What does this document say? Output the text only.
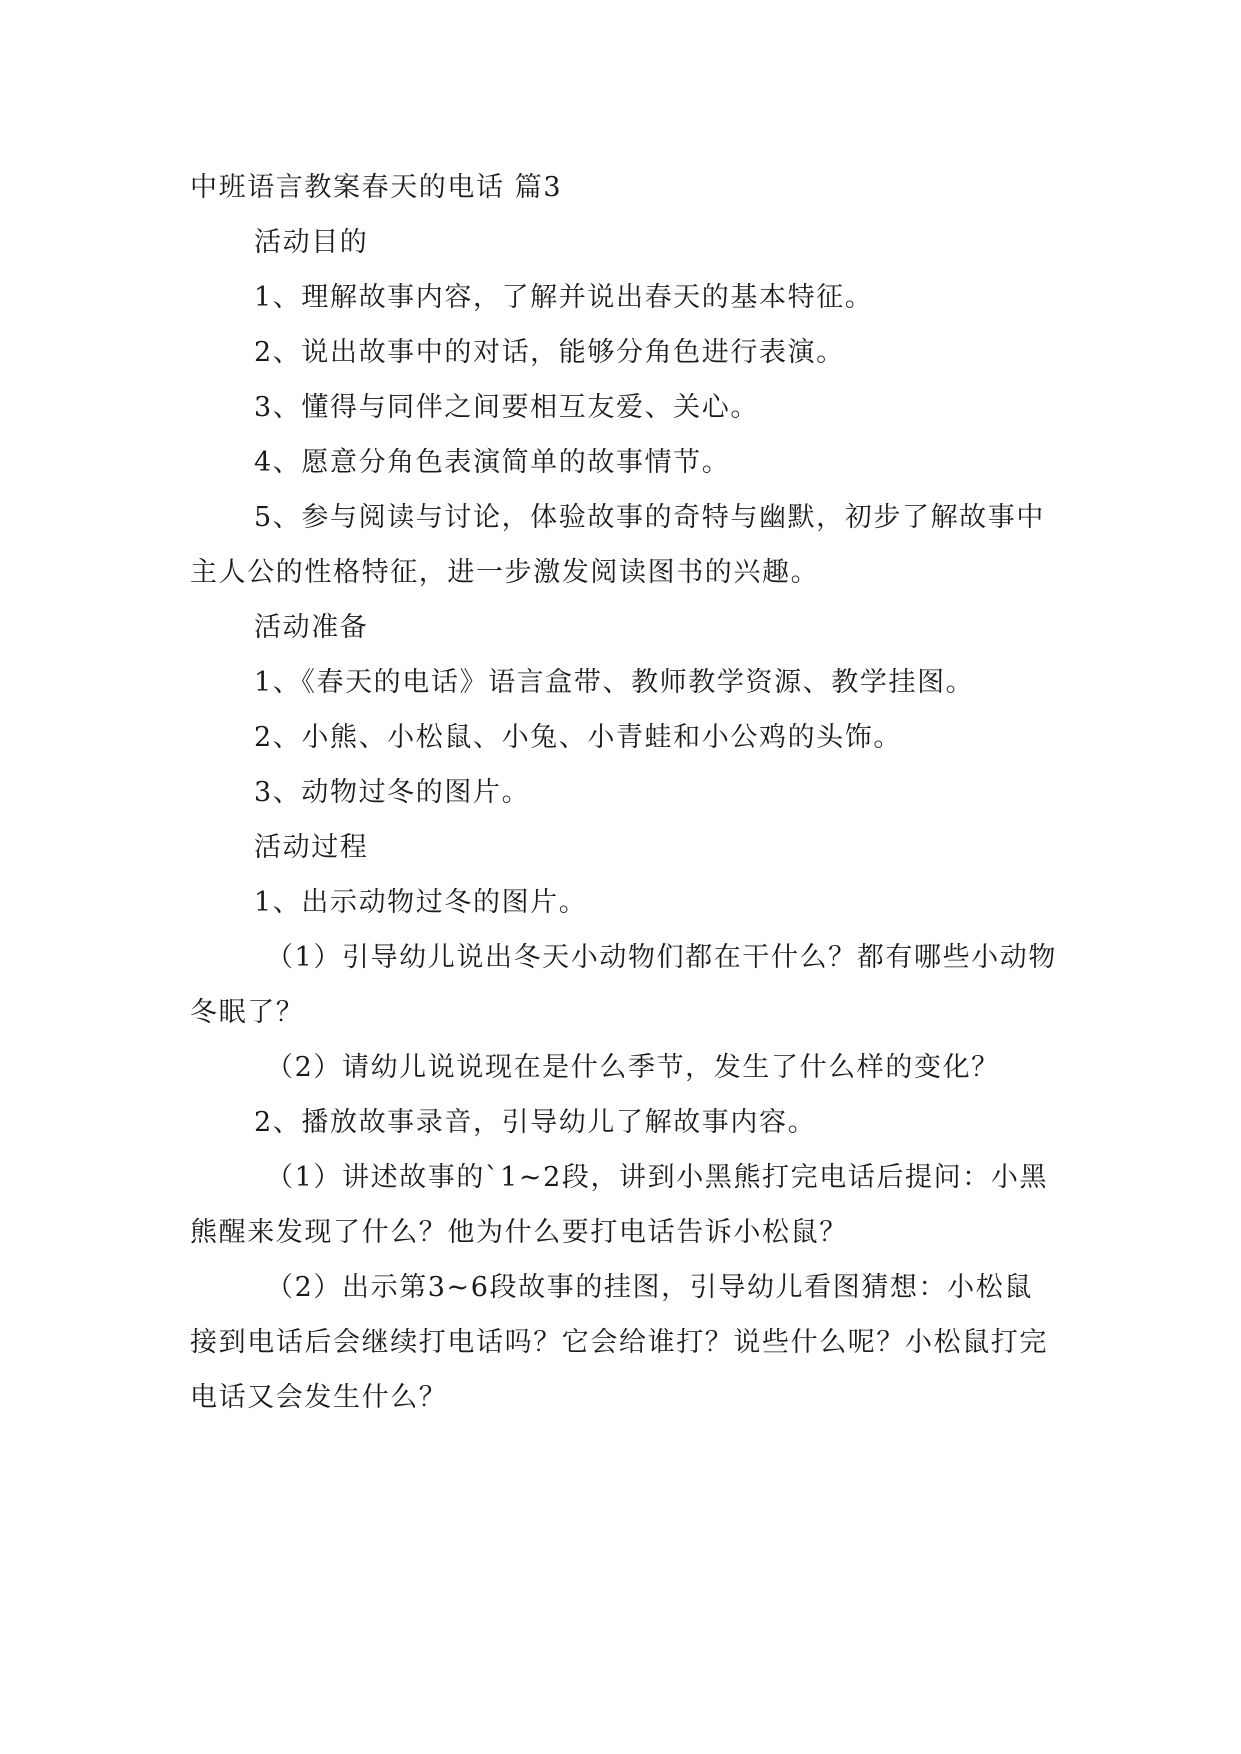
中班语言教案春天的电话 篇3

活动目的

1、理解故事内容，了解并说出春天的基本特征。

2、说出故事中的对话，能够分角色进行表演。

3、懂得与同伴之间要相互友爱、关心。

4、愿意分角色表演简单的故事情节。

5、参与阅读与讨论，体验故事的奇特与幽默，初步了解故事中主人公的性格特征，进一步激发阅读图书的兴趣。

活动准备

1、《春天的电话》语言盒带、教师教学资源、教学挂图。

2、小熊、小松鼠、小兔、小青蛙和小公鸡的头饰。

3、动物过冬的图片。

活动过程

1、出示动物过冬的图片。

（1）引导幼儿说出冬天小动物们都在干什么？都有哪些小动物冬眠了？

（2）请幼儿说说现在是什么季节，发生了什么样的变化？

2、播放故事录音，引导幼儿了解故事内容。

（1）讲述故事的`1~2段，讲到小黑熊打完电话后提问：小黑熊醒来发现了什么？他为什么要打电话告诉小松鼠？

（2）出示第3~6段故事的挂图，引导幼儿看图猜想：小松鼠接到电话后会继续打电话吗？它会给谁打？说些什么呢？小松鼠打完电话又会发生什么？
